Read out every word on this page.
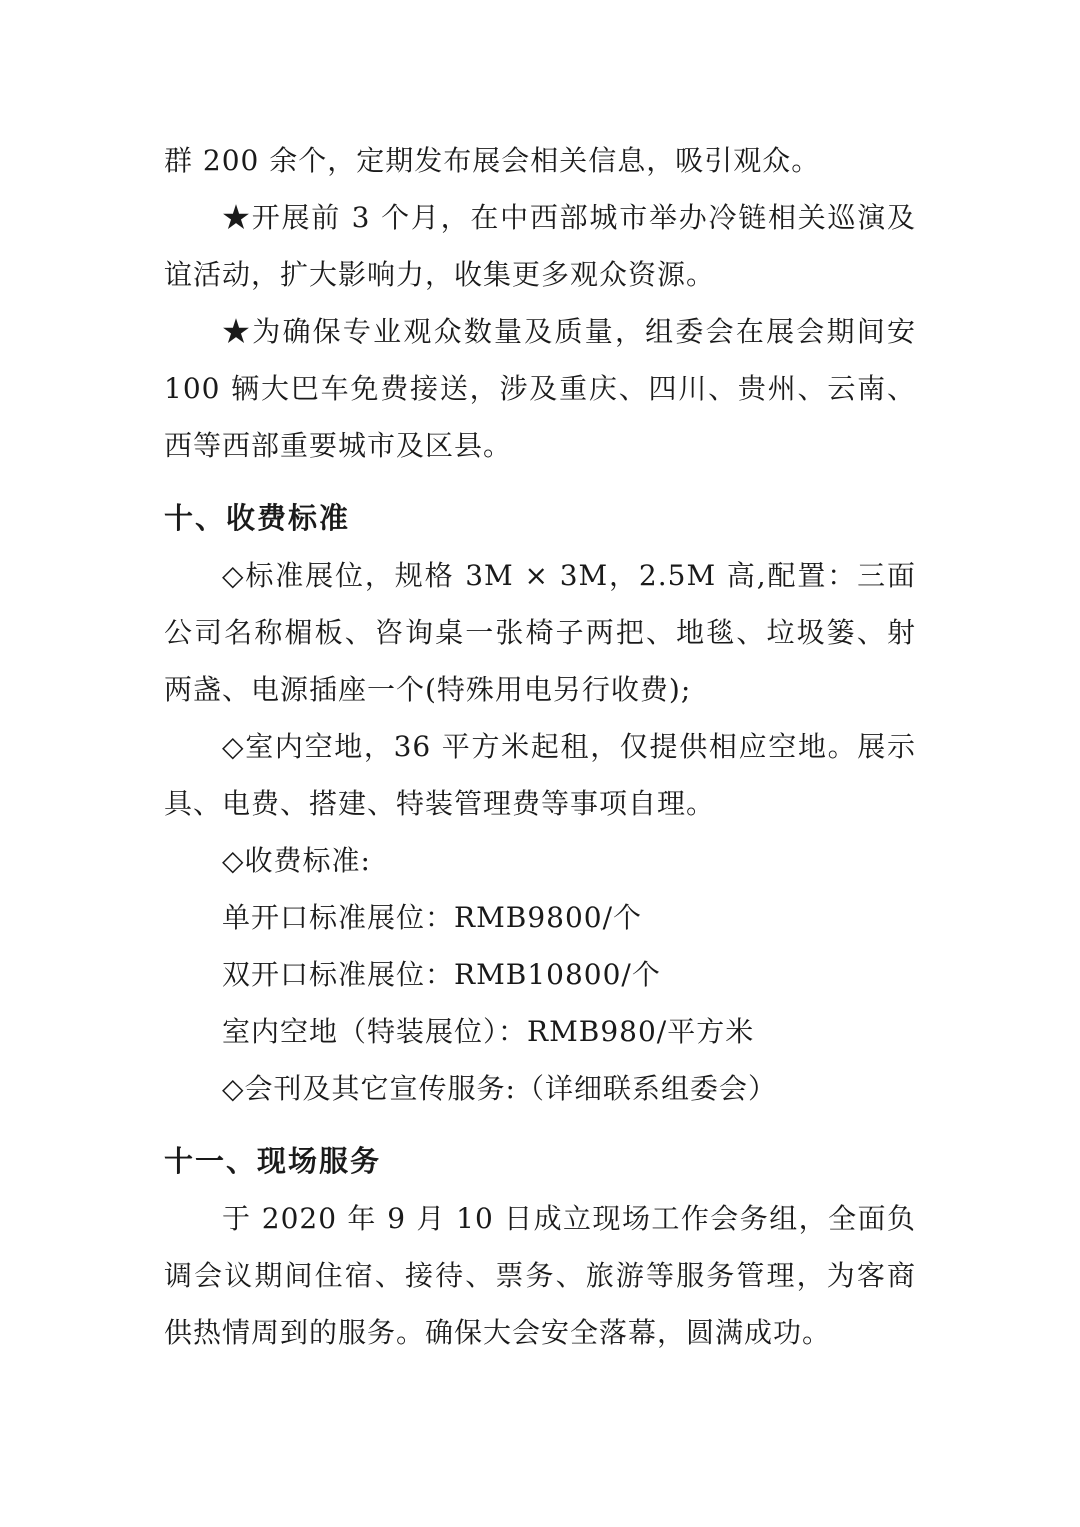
群 200 余个，定期发布展会相关信息，吸引观众。
★开展前 3 个月，在中西部城市举办冷链相关巡演及
谊活动，扩大影响力，收集更多观众资源。
★为确保专业观众数量及质量，组委会在展会期间安
100 辆大巴车免费接送，涉及重庆、四川、贵州、云南、
西等西部重要城市及区县。
十、收费标准
◇标准展位，规格 3M × 3M，2.5M 高,配置：三面
公司名称楣板、咨询桌一张椅子两把、地毯、垃圾篓、射
两盏、电源插座一个(特殊用电另行收费);
◇室内空地，36 平方米起租，仅提供相应空地。展示
具、电费、搭建、特装管理费等事项自理。
◇收费标准:
单开口标准展位：RMB9800/个
双开口标准展位：RMB10800/个
室内空地（特装展位）：RMB980/平方米
◇会刊及其它宣传服务:（详细联系组委会）
十一、现场服务
于 2020 年 9 月 10 日成立现场工作会务组，全面负
调会议期间住宿、接待、票务、旅游等服务管理，为客商
供热情周到的服务。确保大会安全落幕，圆满成功。
